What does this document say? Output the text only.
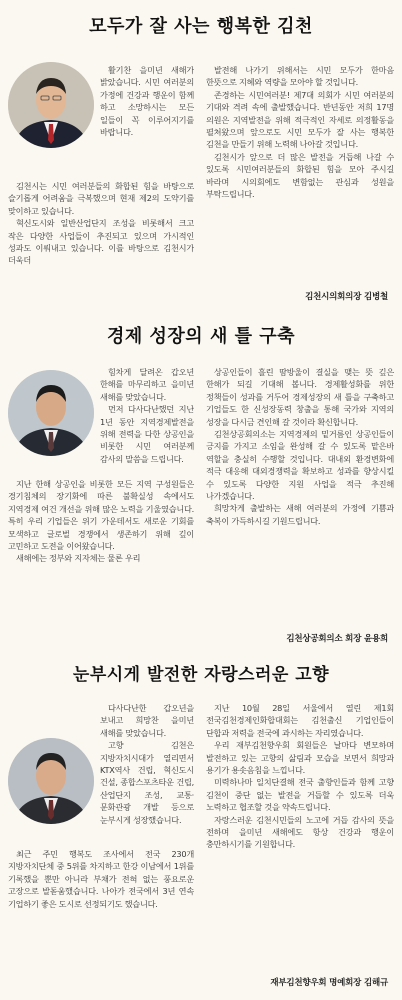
모두가 잘 사는 행복한 김천

활기찬 을미년 새해가 밝았습니다. 시민 여러분의 가정에 건강과 행운이 함께 하고 소망하시는 모든 일들이 꼭 이루어지기를 바랍니다.

김천시는 시민 여러분들의 화합된 힘을 바탕으로 슬기롭게 어려움을 극복했으며 현재 제2의 도약기를 맞이하고 있습니다.

혁신도시와 일반산업단지 조성을 비롯해서 크고 작은 다양한 사업들이 추진되고 있으며 가시적인 성과도 이뤄내고 있습니다. 이를 바탕으로 김천시가 더욱더

발전해 나가기 위해서는 시민 모두가 한마음 한뜻으로 지혜와 역량을 모아야 할 것입니다.

존경하는 시민여러분! 제7대 의회가 시민 여러분의 기대와 격려 속에 출발했습니다. 반년동안 저희 17명 의원은 지역발전을 위해 적극적인 자세로 의정활동을 펼쳐왔으며 앞으로도 시민 모두가 잘 사는 행복한 김천을 만들기 위해 노력해 나아갈 것입니다.

김천시가 앞으로 더 많은 발전을 거듭해 나갈 수 있도록 시민여러분들의 화합된 힘을 모아 주시길 바라며 시의회에도 변함없는 관심과 성원을 부탁드립니다.

김천시의회의장 김병철
경제 성장의 새 틀 구축

힘차게 달려온 갑오년 한해를 마무리하고 을미년 새해를 맞았습니다.

먼저 다사다난했던 지난 1년 동안 지역경제발전을 위해 전력을 다한 상공인을 비롯한 시민 여러분께 감사의 말씀을 드립니다.

지난 한해 상공인을 비롯한 모든 지역 구성원들은 경기침체의 장기화에 따른 불확실성 속에서도 지역경제 여건 개선을 위해 많은 노력을 기울였습니다. 특히 우리 기업들은 위기 가운데서도 새로운 기회를 모색하고 글로벌 경쟁에서 생존하기 위해 깊이 고민하고 도전을 이어왔습니다.

새해에는 정부와 지자체는 물론 우리

상공인들이 흘린 땀방울이 결실을 맺는 뜻 깊은 한해가 되길 기대해 봅니다. 경제활성화를 위한 정책들이 성과를 거두어 경제성장의 새 틀을 구축하고 기업들도 한 신성장동력 창출을 통해 국가와 지역의 성장을 다시금 견인해 갈 것이라 확신합니다.

김천상공회의소는 지역경제의 밑거름인 상공인들이 긍지를 가지고 소임을 완성해 갈 수 있도록 맡은바 역할을 충실히 수행할 것입니다. 대내외 환경변화에 적극 대응해 대외경쟁력을 확보하고 성과를 향상시킬 수 있도록 다양한 지원 사업을 적극 추진해 나가겠습니다.

희망차게 출발하는 새해 여러분의 가정에 기쁨과 축복이 가득하시길 기원드립니다.

김천상공회의소 회장 윤용희
눈부시게 발전한 자랑스러운 고향

다사다난한 갑오년을 보내고 희망찬 을미년 새해를 맞았습니다.

고향 김천은 지방자치시대가 열리면서 KTX역사 건립, 혁신도시 건설, 종합스포츠타운 건립, 산업단지 조성, 교통·문화관광 개발 등으로 눈부시게 성장했습니다.

최근 주민 행복도 조사에서 전국 230개 지방자치단체 중 5위를 차지하고 한강 이남에서 1위를 기록했을 뿐만 아니라 부채가 전혀 없는 풍요로운 고장으로 발돋움했습니다. 나아가 전국에서 3년 연속 기업하기 좋은 도시로 선정되기도 했습니다.

지난 10월 28일 서울에서 열린 제1회 전국김천경제인화합대회는 김천출신 기업인들이 단합과 저력을 전국에 과시하는 자리였습니다.

우리 재부김천향우회 회원들은 날마다 변모하며 발전하고 있는 고향의 삶림과 모습을 보면서 희망과 용기가 용솟음침을 느낍니다.

미력하나마 일치단결해 전국 출향인들과 함께 고향 김천이 중단 없는 발전을 거듭할 수 있도록 더욱 노력하고 협조할 것을 약속드립니다.

자랑스러운 김천시민들의 노고에 거듭 감사의 뜻을 전하며 을미년 새해에도 항상 건강과 행운이 충만하시기를 기원합니다.

재부김천향우회 명예회장 김해규
